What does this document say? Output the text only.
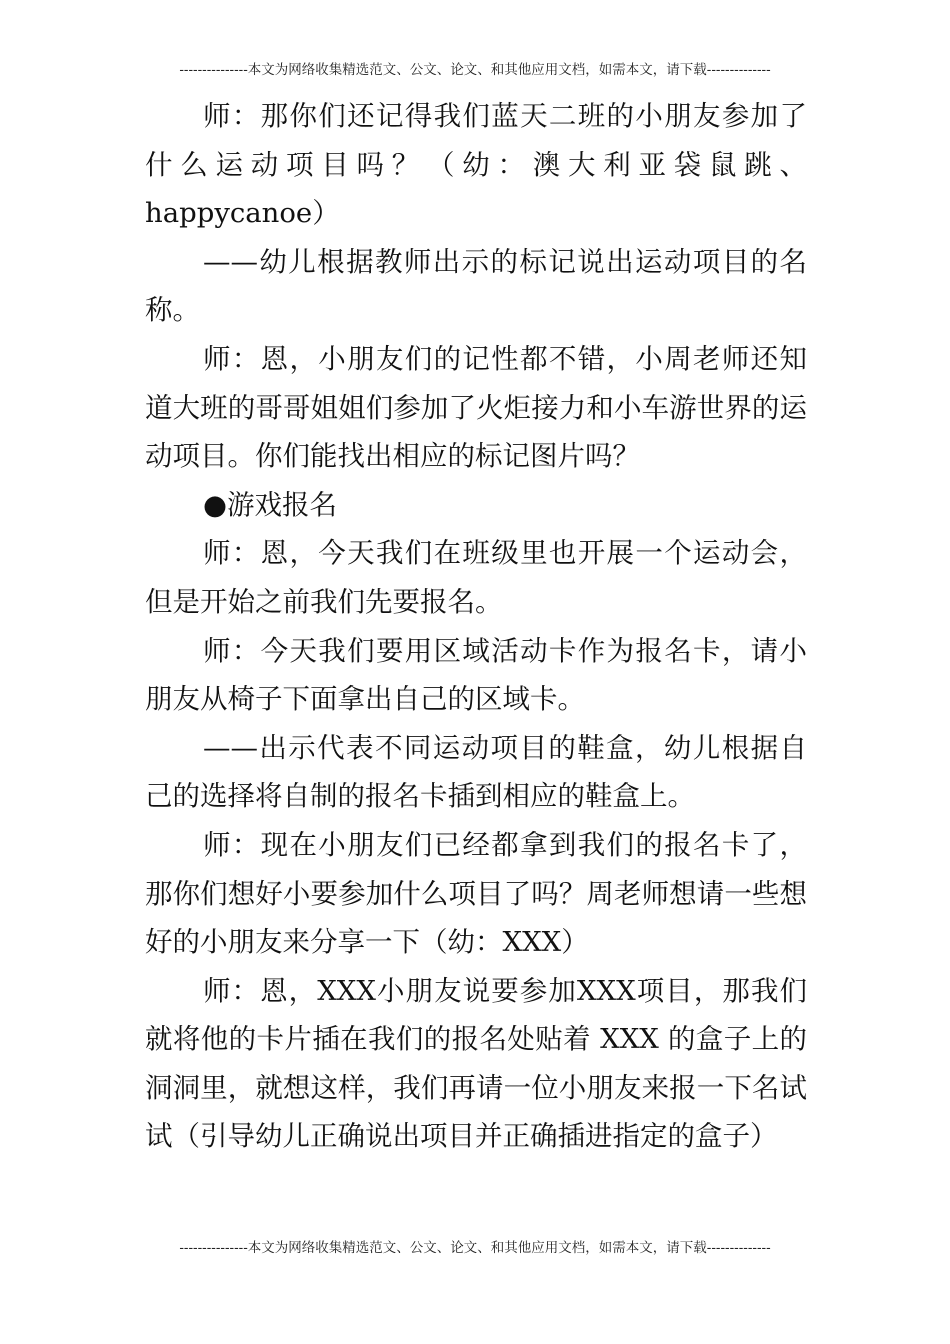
---------------本文为网络收集精选范文、公文、论文、和其他应用文档，如需本文，请下载--------------

师：那你们还记得我们蓝天二班的小朋友参加了什么运动项目吗？（幼：澳大利亚袋鼠跳、happycanoe）

——幼儿根据教师出示的标记说出运动项目的名称。

师：恩，小朋友们的记性都不错，小周老师还知道大班的哥哥姐姐们参加了火炬接力和小车游世界的运动项目。你们能找出相应的标记图片吗？

●游戏报名

师：恩，今天我们在班级里也开展一个运动会，但是开始之前我们先要报名。

师：今天我们要用区域活动卡作为报名卡，请小朋友从椅子下面拿出自己的区域卡。

——出示代表不同运动项目的鞋盒，幼儿根据自己的选择将自制的报名卡插到相应的鞋盒上。

师：现在小朋友们已经都拿到我们的报名卡了，那你们想好小要参加什么项目了吗？周老师想请一些想好的小朋友来分享一下（幼：XXX）

师：恩，XXX小朋友说要参加XXX项目，那我们就将他的卡片插在我们的报名处贴着 XXX 的盒子上的洞洞里，就想这样，我们再请一位小朋友来报一下名试试（引导幼儿正确说出项目并正确插进指定的盒子）

---------------本文为网络收集精选范文、公文、论文、和其他应用文档，如需本文，请下载--------------
